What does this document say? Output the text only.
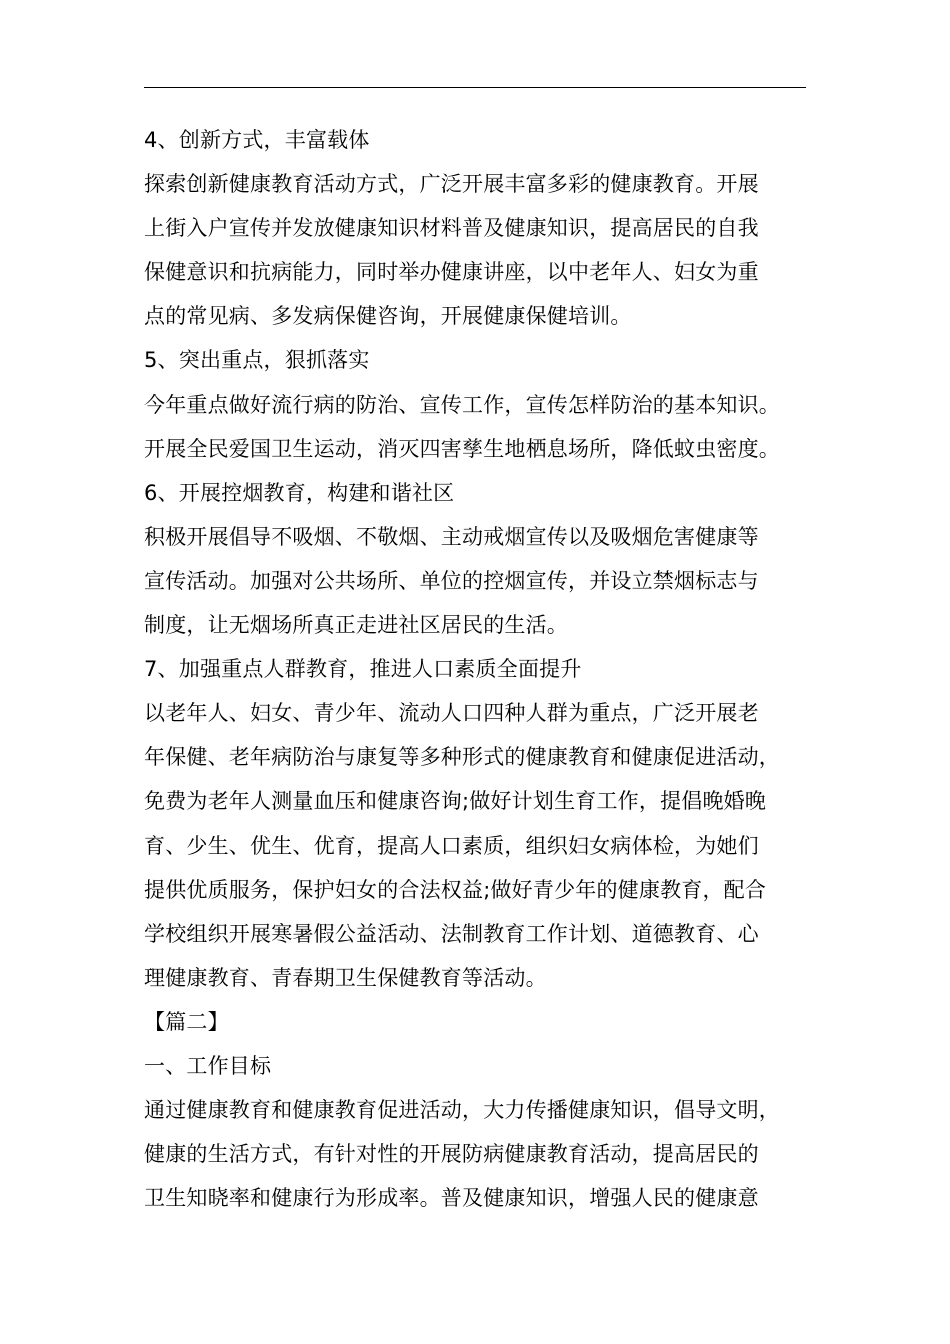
4、创新方式，丰富载体
探索创新健康教育活动方式，广泛开展丰富多彩的健康教育。开展
上街入户宣传并发放健康知识材料普及健康知识，提高居民的自我
保健意识和抗病能力，同时举办健康讲座，以中老年人、妇女为重
点的常见病、多发病保健咨询，开展健康保健培训。
5、突出重点，狠抓落实
今年重点做好流行病的防治、宣传工作，宣传怎样防治的基本知识。
开展全民爱国卫生运动，消灭四害孳生地栖息场所，降低蚊虫密度。
6、开展控烟教育，构建和谐社区
积极开展倡导不吸烟、不敬烟、主动戒烟宣传以及吸烟危害健康等
宣传活动。加强对公共场所、单位的控烟宣传，并设立禁烟标志与
制度，让无烟场所真正走进社区居民的生活。
7、加强重点人群教育，推进人口素质全面提升
以老年人、妇女、青少年、流动人口四种人群为重点，广泛开展老
年保健、老年病防治与康复等多种形式的健康教育和健康促进活动，
免费为老年人测量血压和健康咨询;做好计划生育工作，提倡晚婚晚
育、少生、优生、优育，提高人口素质，组织妇女病体检，为她们
提供优质服务，保护妇女的合法权益;做好青少年的健康教育，配合
学校组织开展寒暑假公益活动、法制教育工作计划、道德教育、心
理健康教育、青春期卫生保健教育等活动。
【篇二】
一、工作目标
通过健康教育和健康教育促进活动，大力传播健康知识，倡导文明，
健康的生活方式，有针对性的开展防病健康教育活动，提高居民的
卫生知晓率和健康行为形成率。普及健康知识，增强人民的健康意
